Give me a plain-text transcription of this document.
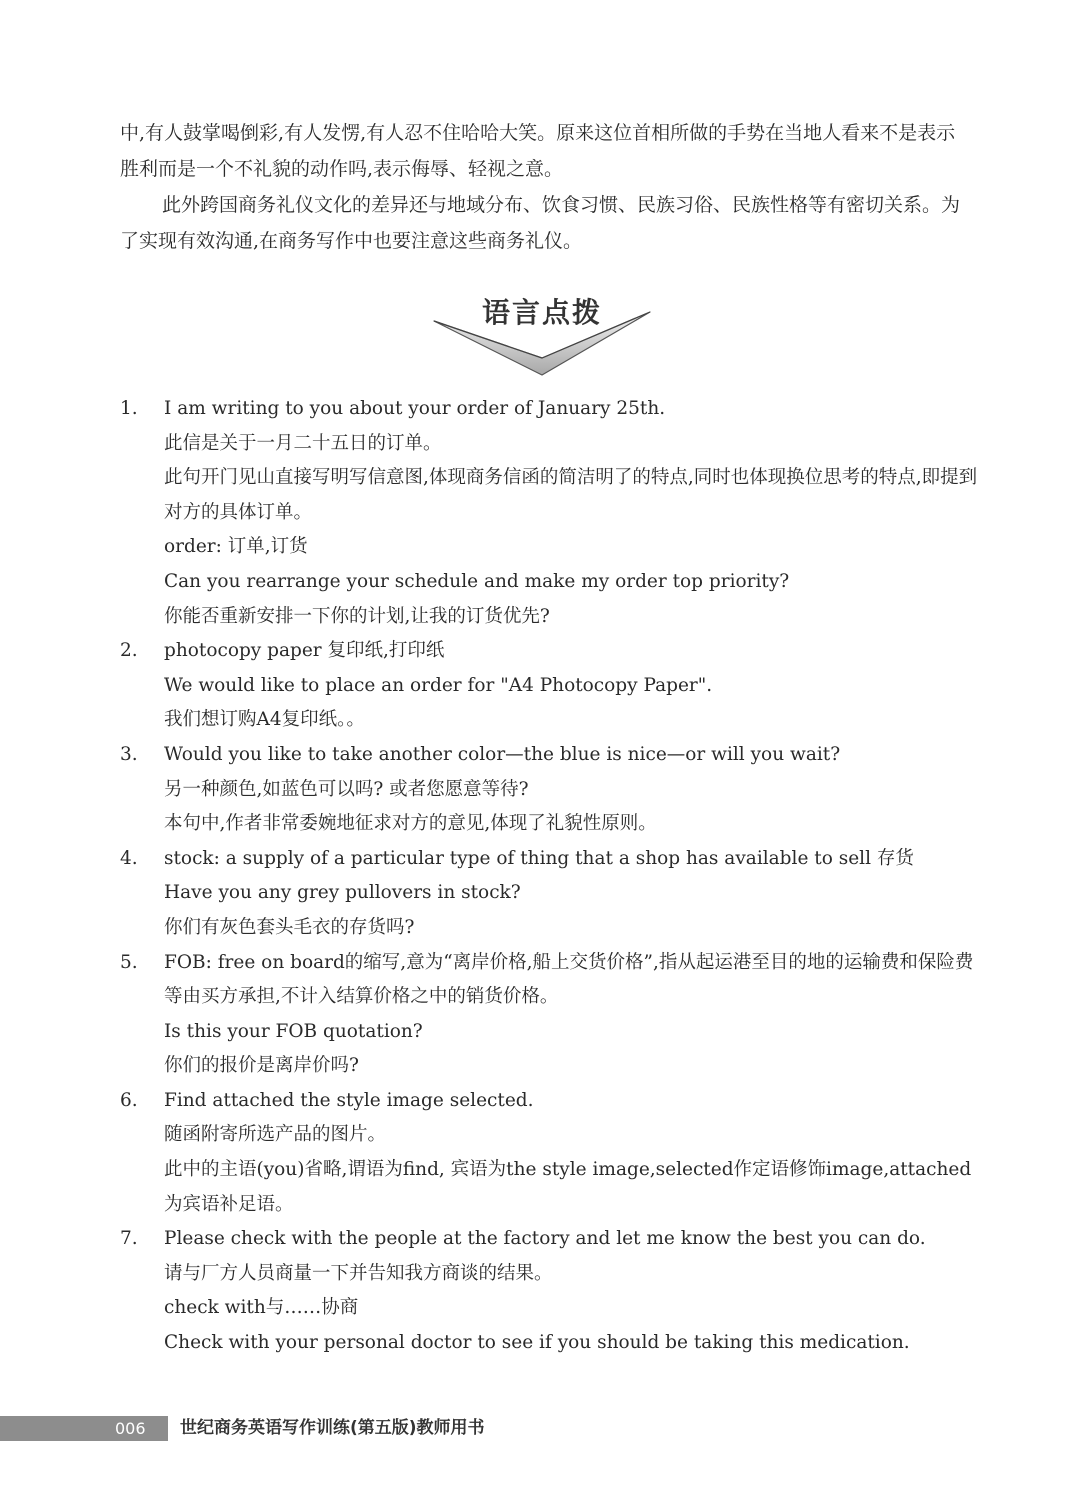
中,有人鼓掌喝倒彩,有人发愣,有人忍不住哈哈大笑。原来这位首相所做的手势在当地人看来不是表示胜利而是一个不礼貌的动作吗,表示侮辱、轻视之意。

此外跨国商务礼仪文化的差异还与地域分布、饮食习惯、民族习俗、民族性格等有密切关系。为了实现有效沟通,在商务写作中也要注意这些商务礼仪。

语言点拨
1. I am writing to you about your order of January 25th.

此信是关于一月二十五日的订单。

此句开门见山直接写明写信意图,体现商务信函的简洁明了的特点,同时也体现换位思考的特点,即提到对方的具体订单。

order: 订单,订货

Can you rearrange your schedule and make my order top priority?

你能否重新安排一下你的计划,让我的订货优先?

2. photocopy paper 复印纸,打印纸

We would like to place an order for "A4 Photocopy Paper".

我们想订购A4复印纸。。

3. Would you like to take another color—the blue is nice—or will you wait?

另一种颜色,如蓝色可以吗? 或者您愿意等待?

本句中,作者非常委婉地征求对方的意见,体现了礼貌性原则。

4. stock: a supply of a particular type of thing that a shop has available to sell 存货

Have you any grey pullovers in stock?

你们有灰色套头毛衣的存货吗?

5. FOB: free on board的缩写,意为“离岸价格,船上交货价格”,指从起运港至目的地的运输费和保险费等由买方承担,不计入结算价格之中的销货价格。

Is this your FOB quotation?

你们的报价是离岸价吗?

6. Find attached the style image selected.

随函附寄所选产品的图片。

此中的主语(you)省略,谓语为find, 宾语为the style image,selected作定语修饰image,attached为宾语补足语。

7. Please check with the people at the factory and let me know the best you can do.

请与厂方人员商量一下并告知我方商谈的结果。

check with与……协商

Check with your personal doctor to see if you should be taking this medication.

006	世纪商务英语写作训练(第五版)教师用书
